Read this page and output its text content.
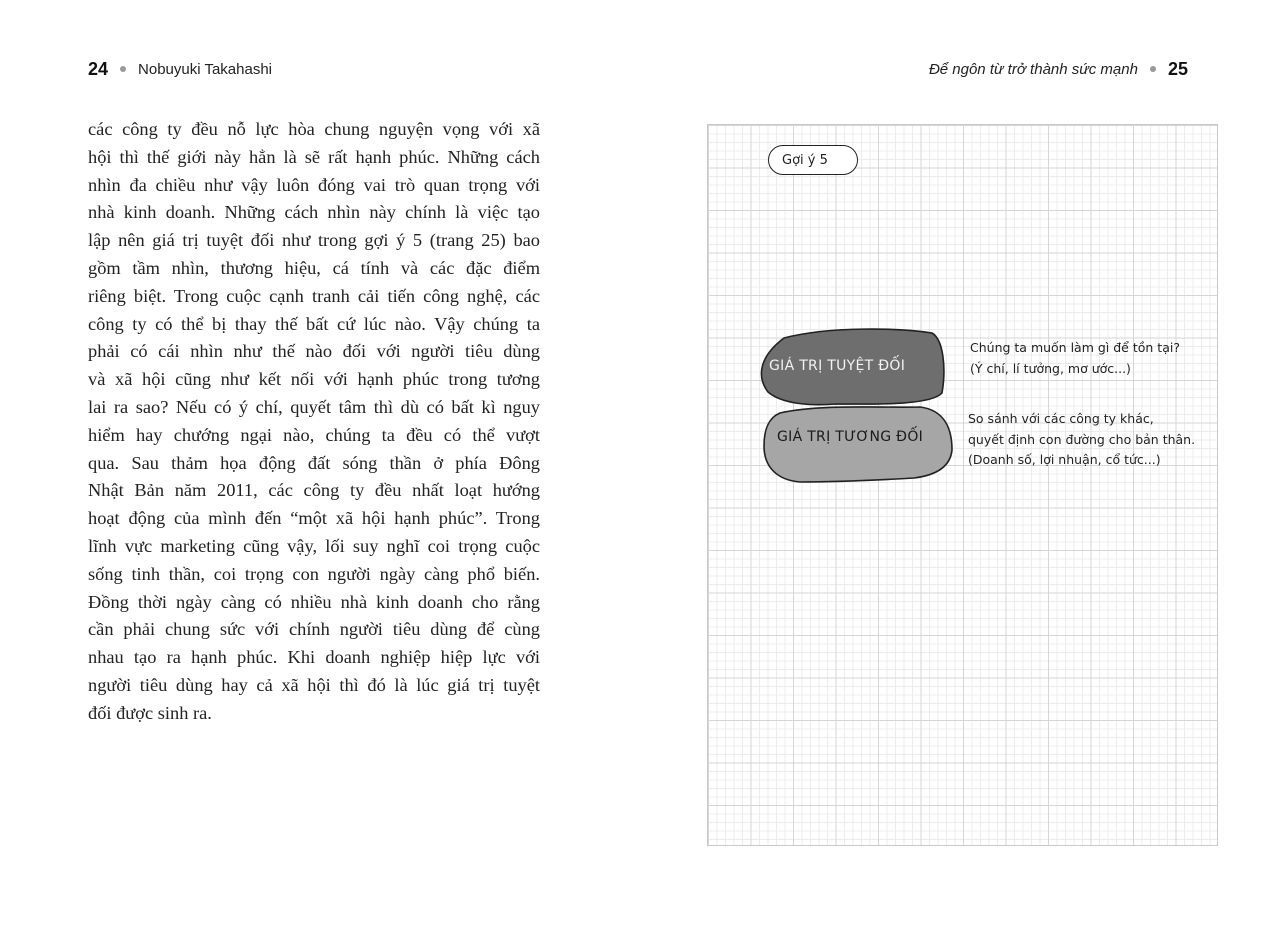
24 Nobuyuki Takahashi	Để ngôn từ trở thành sức mạnh 25
các công ty đều nỗ lực hòa chung nguyện vọng với xã
hội thì thế giới này hẳn là sẽ rất hạnh phúc. Những cách
nhìn đa chiều như vậy luôn đóng vai trò quan trọng với
nhà kinh doanh. Những cách nhìn này chính là việc tạo
lập nên giá trị tuyệt đối như trong gợi ý 5 (trang 25) bao
gồm tầm nhìn, thương hiệu, cá tính và các đặc điểm
riêng biệt. Trong cuộc cạnh tranh cải tiến công nghệ, các
công ty có thể bị thay thế bất cứ lúc nào. Vậy chúng ta
phải có cái nhìn như thế nào đối với người tiêu dùng
và xã hội cũng như kết nối với hạnh phúc trong tương
lai ra sao? Nếu có ý chí, quyết tâm thì dù có bất kì nguy
hiểm hay chướng ngại nào, chúng ta đều có thể vượt
qua. Sau thảm họa động đất sóng thần ở phía Đông
Nhật Bản năm 2011, các công ty đều nhất loạt hướng
hoạt động của mình đến “một xã hội hạnh phúc”. Trong
lĩnh vực marketing cũng vậy, lối suy nghĩ coi trọng cuộc
sống tinh thần, coi trọng con người ngày càng phổ biến.
Đồng thời ngày càng có nhiều nhà kinh doanh cho rằng
cần phải chung sức với chính người tiêu dùng để cùng
nhau tạo ra hạnh phúc. Khi doanh nghiệp hiệp lực với
người tiêu dùng hay cả xã hội thì đó là lúc giá trị tuyệt
đối được sinh ra.
Gợi ý 5
GIÁ TRỊ TUYỆT ĐỐI
GIÁ TRỊ TƯƠNG ĐỐI
Chúng ta muốn làm gì để tồn tại?
(Ý chí, lí tưởng, mơ ước...)
So sánh với các công ty khác,
quyết định con đường cho bản thân.
(Doanh số, lợi nhuận, cổ tức...)
